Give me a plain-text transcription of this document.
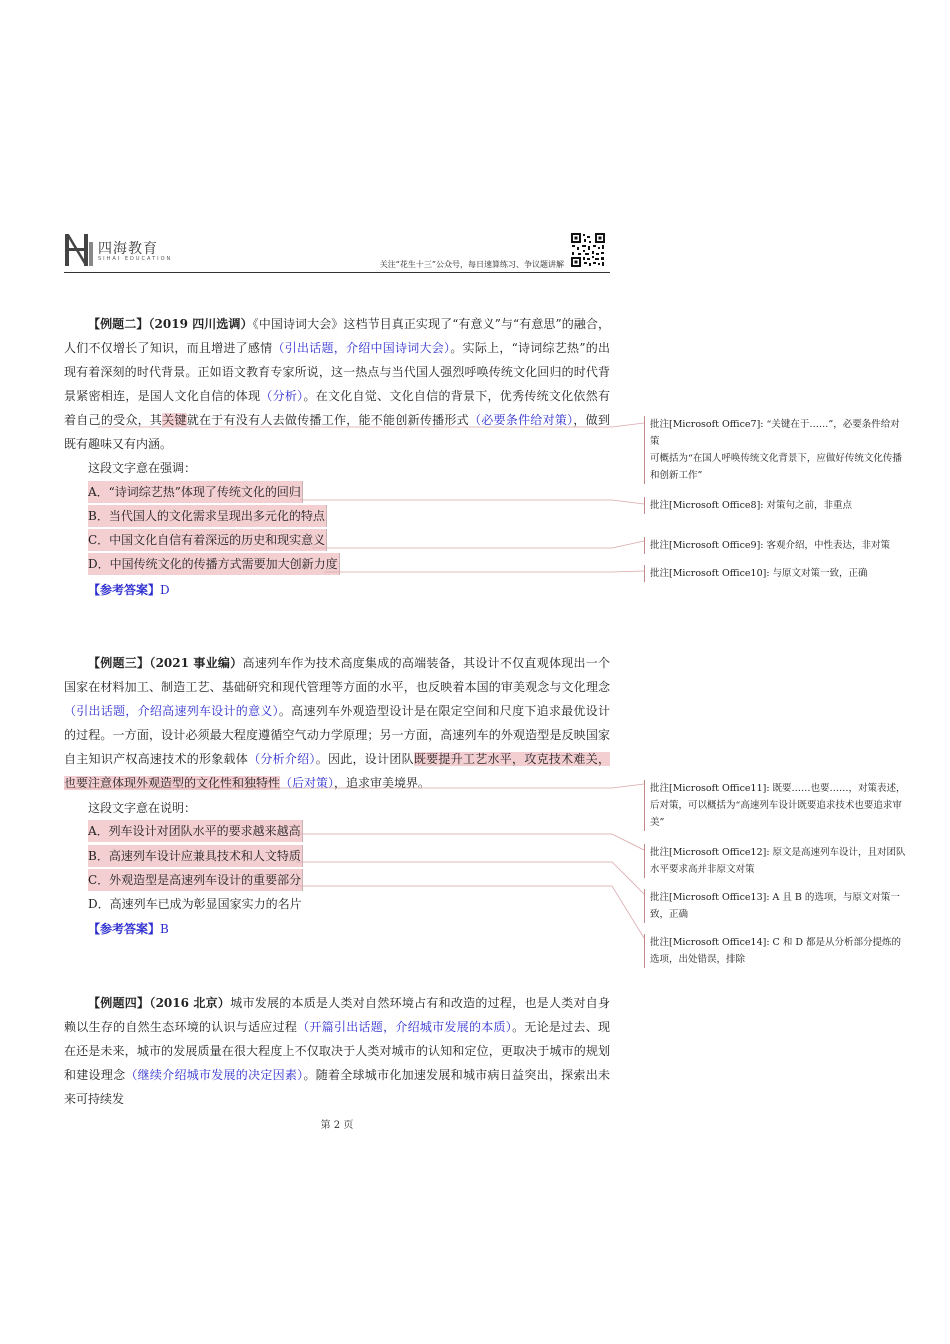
四海教育
SIHAI EDUCATION
关注“花生十三”公众号，每日速算练习、争议题讲解
【例题二】（2019 四川选调）《中国诗词大会》这档节目真正实现了“有意义”与“有意思”的融合，人们不仅增长了知识，而且增进了感情（引出话题，介绍中国诗词大会）。实际上，“诗词综艺热”的出现有着深刻的时代背景。正如语文教育专家所说，这一热点与当代国人强烈呼唤传统文化回归的时代背景紧密相连，是国人文化自信的体现（分析）。在文化自觉、文化自信的背景下，优秀传统文化依然有着自己的受众，其关键就在于有没有人去做传播工作，能不能创新传播形式（必要条件给对策），做到既有趣味又有内涵。
这段文字意在强调：
A．“诗词综艺热”体现了传统文化的回归
B．当代国人的文化需求呈现出多元化的特点
C．中国文化自信有着深远的历史和现实意义
D．中国传统文化的传播方式需要加大创新力度
【参考答案】D
【例题三】（2021 事业编）高速列车作为技术高度集成的高端装备，其设计不仅直观体现出一个国家在材料加工、制造工艺、基础研究和现代管理等方面的水平，也反映着本国的审美观念与文化理念（引出话题，介绍高速列车设计的意义）。高速列车外观造型设计是在限定空间和尺度下追求最优设计的过程。一方面，设计必须最大程度遵循空气动力学原理；另一方面，高速列车的外观造型是反映国家自主知识产权高速技术的形象载体（分析介绍）。因此，设计团队既要提升工艺水平，攻克技术难关，也要注意体现外观造型的文化性和独特性（后对策），追求审美境界。
这段文字意在说明：
A．列车设计对团队水平的要求越来越高
B．高速列车设计应兼具技术和人文特质
C．外观造型是高速列车设计的重要部分
D．高速列车已成为彰显国家实力的名片
【参考答案】B
【例题四】（2016 北京）城市发展的本质是人类对自然环境占有和改造的过程，也是人类对自身赖以生存的自然生态环境的认识与适应过程（开篇引出话题，介绍城市发展的本质）。无论是过去、现在还是未来，城市的发展质量在很大程度上不仅取决于人类对城市的认知和定位，更取决于城市的规划和建设理念（继续介绍城市发展的决定因素）。随着全球城市化加速发展和城市病日益突出，探索出未来可持续发
批注[Microsoft Office7]: “关键在于……”，必要条件给对策
可概括为“在国人呼唤传统文化背景下，应做好传统文化传播和创新工作”
批注[Microsoft Office8]: 对策句之前，非重点
批注[Microsoft Office9]: 客观介绍，中性表达，非对策
批注[Microsoft Office10]: 与原文对策一致，正确
批注[Microsoft Office11]: 既要……也要……，对策表述，后对策，可以概括为“高速列车设计既要追求技术也要追求审美”
批注[Microsoft Office12]: 原文是高速列车设计，且对团队水平要求高并非原文对策
批注[Microsoft Office13]: A 且 B 的选项，与原文对策一致，正确
批注[Microsoft Office14]: C 和 D 都是从分析部分提炼的选项，出处错误，排除
第 2 页
